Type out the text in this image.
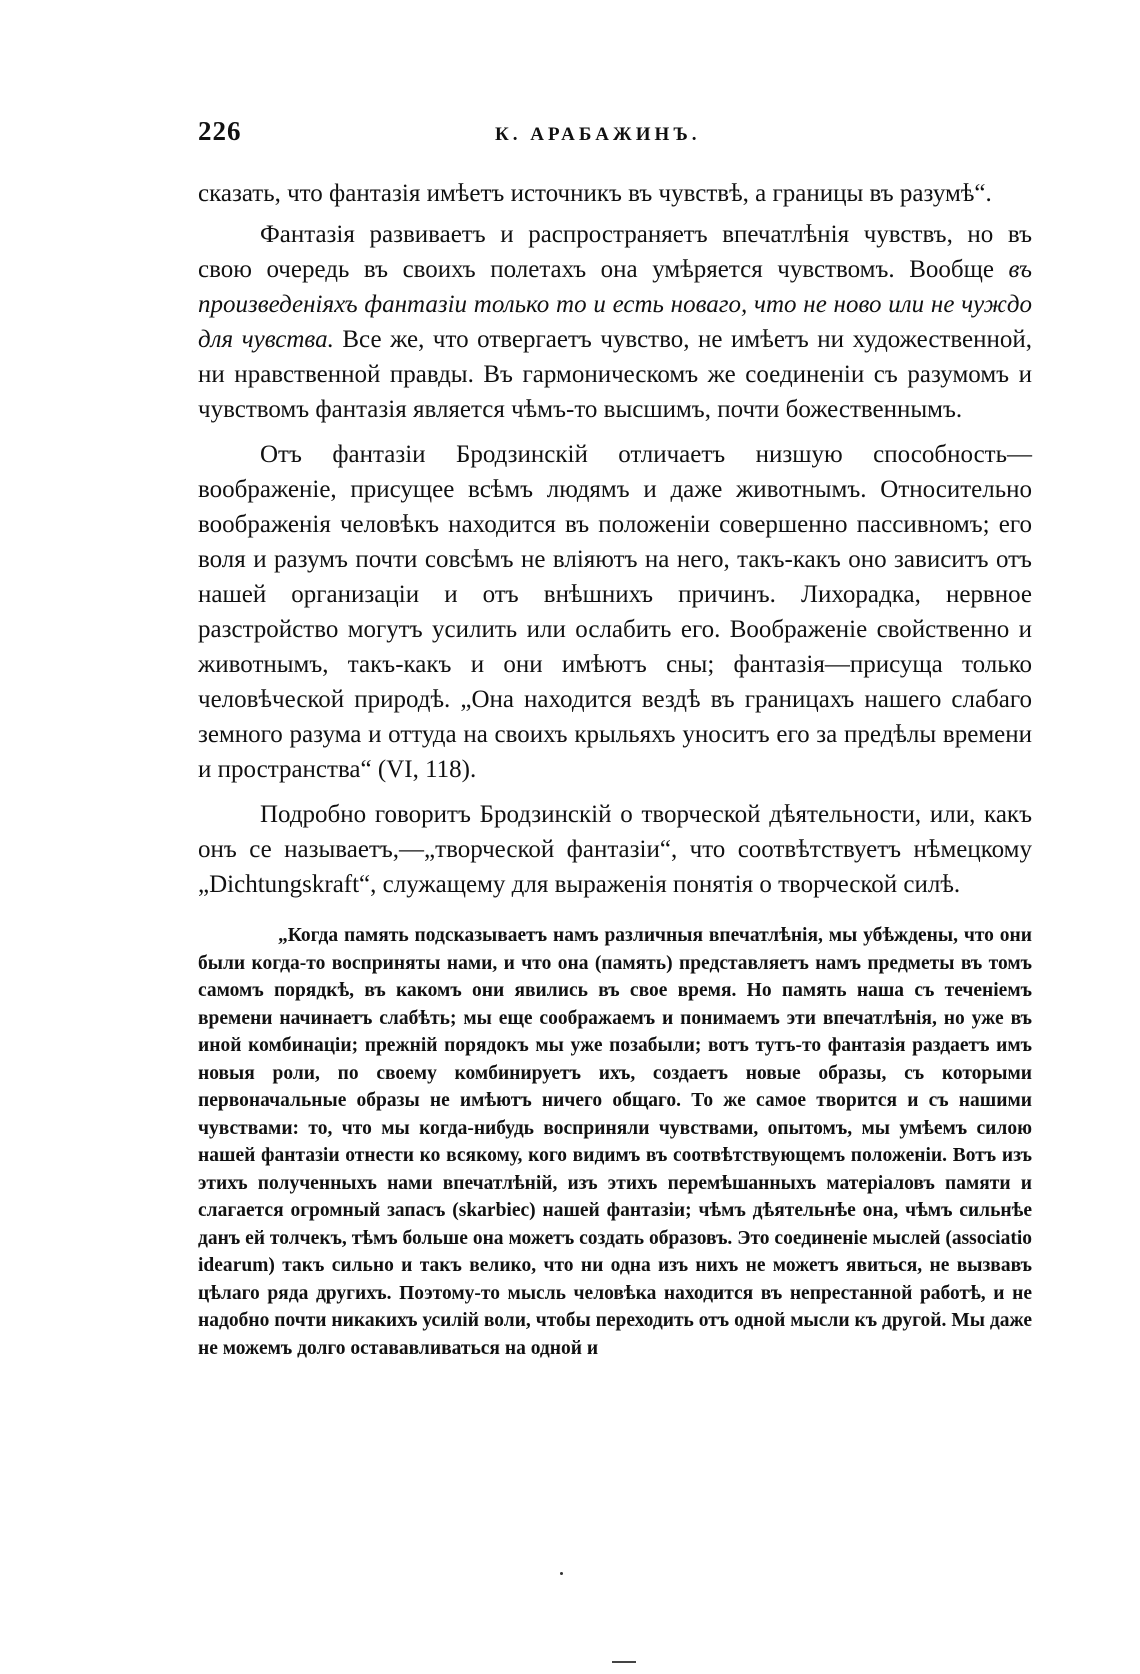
226	К. АРАБАЖИНЪ.

сказать, что фантазія имѣетъ источникъ въ чувствѣ, а границы въ разумѣ“.

Фантазія развиваетъ и распространяетъ впечатлѣнія чувствъ, но въ свою очередь въ своихъ полетахъ она умѣряется чувствомъ. Вообще въ произведеніяхъ фантазіи только то и есть новаго, что не ново или не чуждо для чувства. Все же, что отвергаетъ чувство, не имѣетъ ни художественной, ни нравственной правды. Въ гармоническомъ же соединеніи съ разумомъ и чувствомъ фантазія является чѣмъ-то высшимъ, почти божественнымъ.

Отъ фантазіи Бродзинскій отличаетъ низшую способность—воображеніе, присущее всѣмъ людямъ и даже животнымъ. Относительно воображенія человѣкъ находится въ положеніи совершенно пассивномъ; его воля и разумъ почти совсѣмъ не вліяютъ на него, такъ-какъ оно зависитъ отъ нашей организаціи и отъ внѣшнихъ причинъ. Лихорадка, нервное разстройство могутъ усилить или ослабить его. Воображеніе свойственно и животнымъ, такъ-какъ и они имѣютъ сны; фантазія—присуща только человѣческой природѣ. „Она находится вездѣ въ границахъ нашего слабаго земного разума и оттуда на своихъ крыльяхъ уноситъ его за предѣлы времени и пространства“ (VI, 118).

Подробно говоритъ Бродзинскій о творческой дѣятельности, или, какъ онъ се называетъ,—„творческой фантазіи“, что соотвѣтствуетъ нѣмецкому „Dichtungskraft“, служащему для выраженія понятія о творческой силѣ.

„Когда память подсказываетъ намъ различныя впечатлѣнія, мы убѣждены, что они были когда-то восприняты нами, и что она (память) представляетъ намъ предметы въ томъ самомъ порядкѣ, въ какомъ они явились въ свое время. Но память наша съ теченіемъ времени начинаетъ слабѣть; мы еще соображаемъ и понимаемъ эти впечатлѣнія, но уже въ иной комбинаціи; прежній порядокъ мы уже позабыли; вотъ тутъ-то фантазія раздаетъ имъ новыя роли, по своему комбинируетъ ихъ, создаетъ новые образы, съ которыми первоначальные образы не имѣютъ ничего общаго. То же самое творится и съ нашими чувствами: то, что мы когда-нибудь восприняли чувствами, опытомъ, мы умѣемъ силою нашей фантазіи отнести ко всякому, кого видимъ въ соотвѣтствующемъ положеніи. Вотъ изъ этихъ полученныхъ нами впечатлѣній, изъ этихъ перемѣшанныхъ матеріаловъ памяти и слагается огромный запасъ (skarbiec) нашей фантазіи; чѣмъ дѣятельнѣе она, чѣмъ сильнѣе данъ ей толчекъ, тѣмъ больше она можетъ создать образовъ. Это соединеніе мыслей (associatio idearum) такъ сильно и такъ велико, что ни одна изъ нихъ не можетъ явиться, не вызвавъ цѣлаго ряда другихъ. Поэтому-то мысль человѣка находится въ непрестанной работѣ, и не надобно почти никакихъ усилій воли, чтобы переходить отъ одной мысли къ другой. Мы даже не можемъ долго остававливаться на одной и
